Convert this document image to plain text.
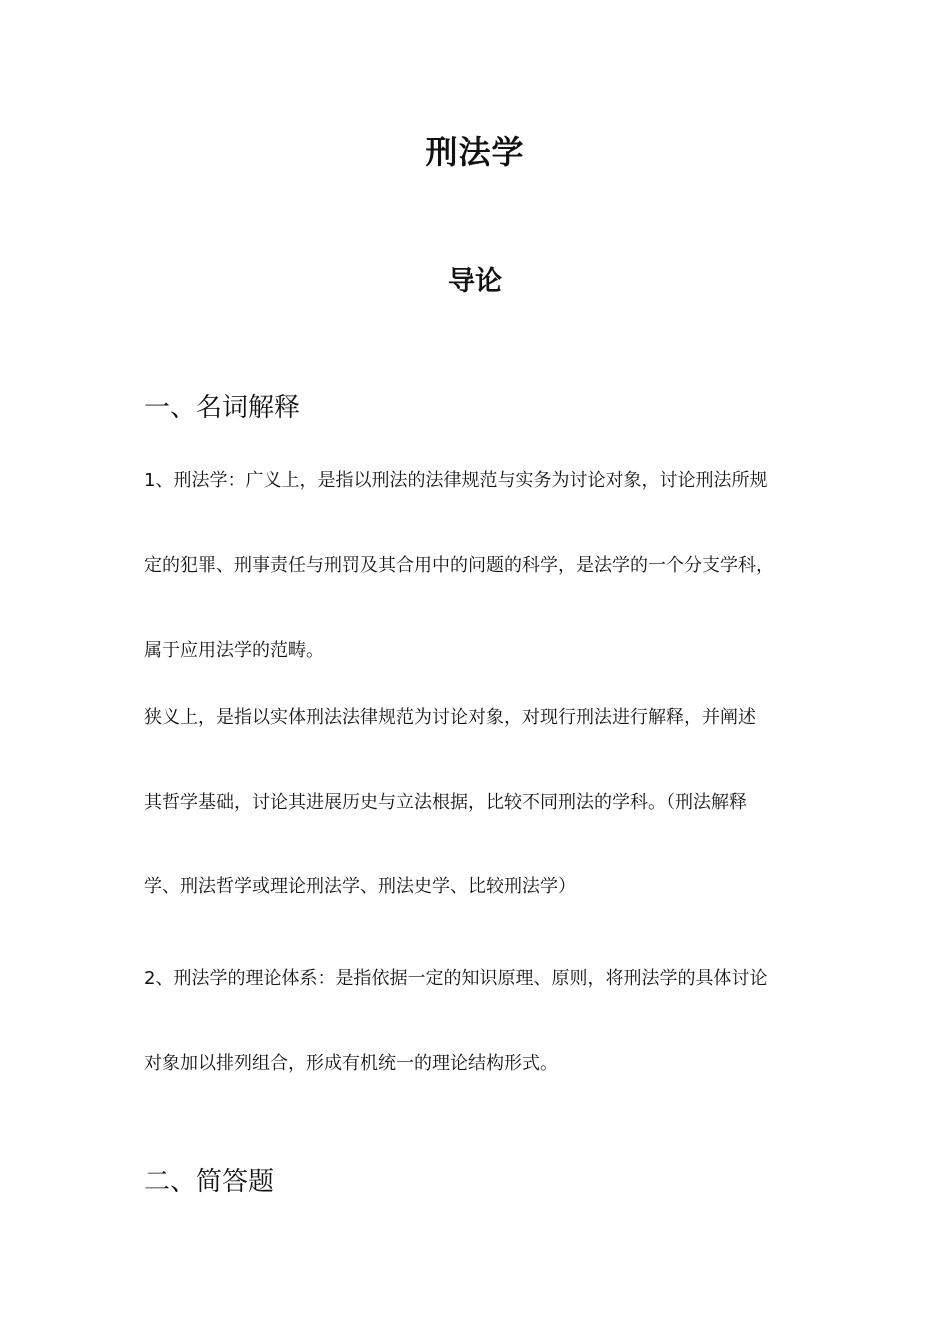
刑法学
导论
一、名词解释
1、刑法学：广义上，是指以刑法的法律规范与实务为讨论对象，讨论刑法所规
定的犯罪、刑事责任与刑罚及其合用中的问题的科学，是法学的一个分支学科，
属于应用法学的范畴。
狭义上，是指以实体刑法法律规范为讨论对象，对现行刑法进行解释，并阐述
其哲学基础，讨论其进展历史与立法根据，比较不同刑法的学科。（刑法解释
学、刑法哲学或理论刑法学、刑法史学、比较刑法学）
2、刑法学的理论体系：是指依据一定的知识原理、原则，将刑法学的具体讨论
对象加以排列组合，形成有机统一的理论结构形式。
二、简答题
